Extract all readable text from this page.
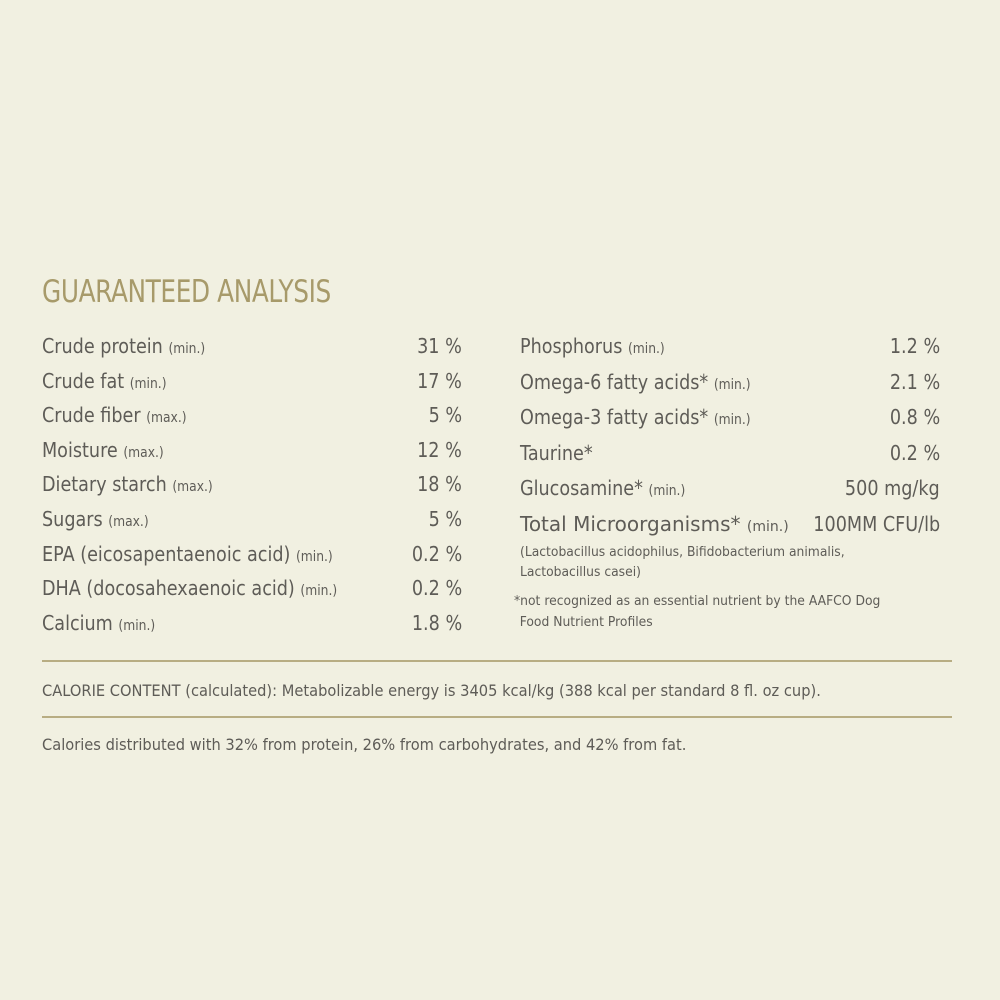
GUARANTEED ANALYSIS
Crude protein (min.)	31 %
Crude fat (min.)	17 %
Crude fiber (max.)	5 %
Moisture (max.)	12 %
Dietary starch (max.)	18 %
Sugars (max.)	5 %
EPA (eicosapentaenoic acid) (min.)	0.2 %
DHA (docosahexaenoic acid) (min.)	0.2 %
Calcium (min.)	1.8 %
Phosphorus (min.)	1.2 %
Omega-6 fatty acids* (min.)	2.1 %
Omega-3 fatty acids* (min.)	0.8 %
Taurine*	0.2 %
Glucosamine* (min.)	500 mg/kg
Total Microorganisms* (min.) 100MM CFU/lb
(Lactobacillus acidophilus, Bifidobacterium animalis, Lactobacillus casei)
*not recognized as an essential nutrient by the AAFCO Dog
Food Nutrient Profiles
CALORIE CONTENT (calculated): Metabolizable energy is 3405 kcal/kg (388 kcal per standard 8 fl. oz cup).
Calories distributed with 32% from protein, 26% from carbohydrates, and 42% from fat.
